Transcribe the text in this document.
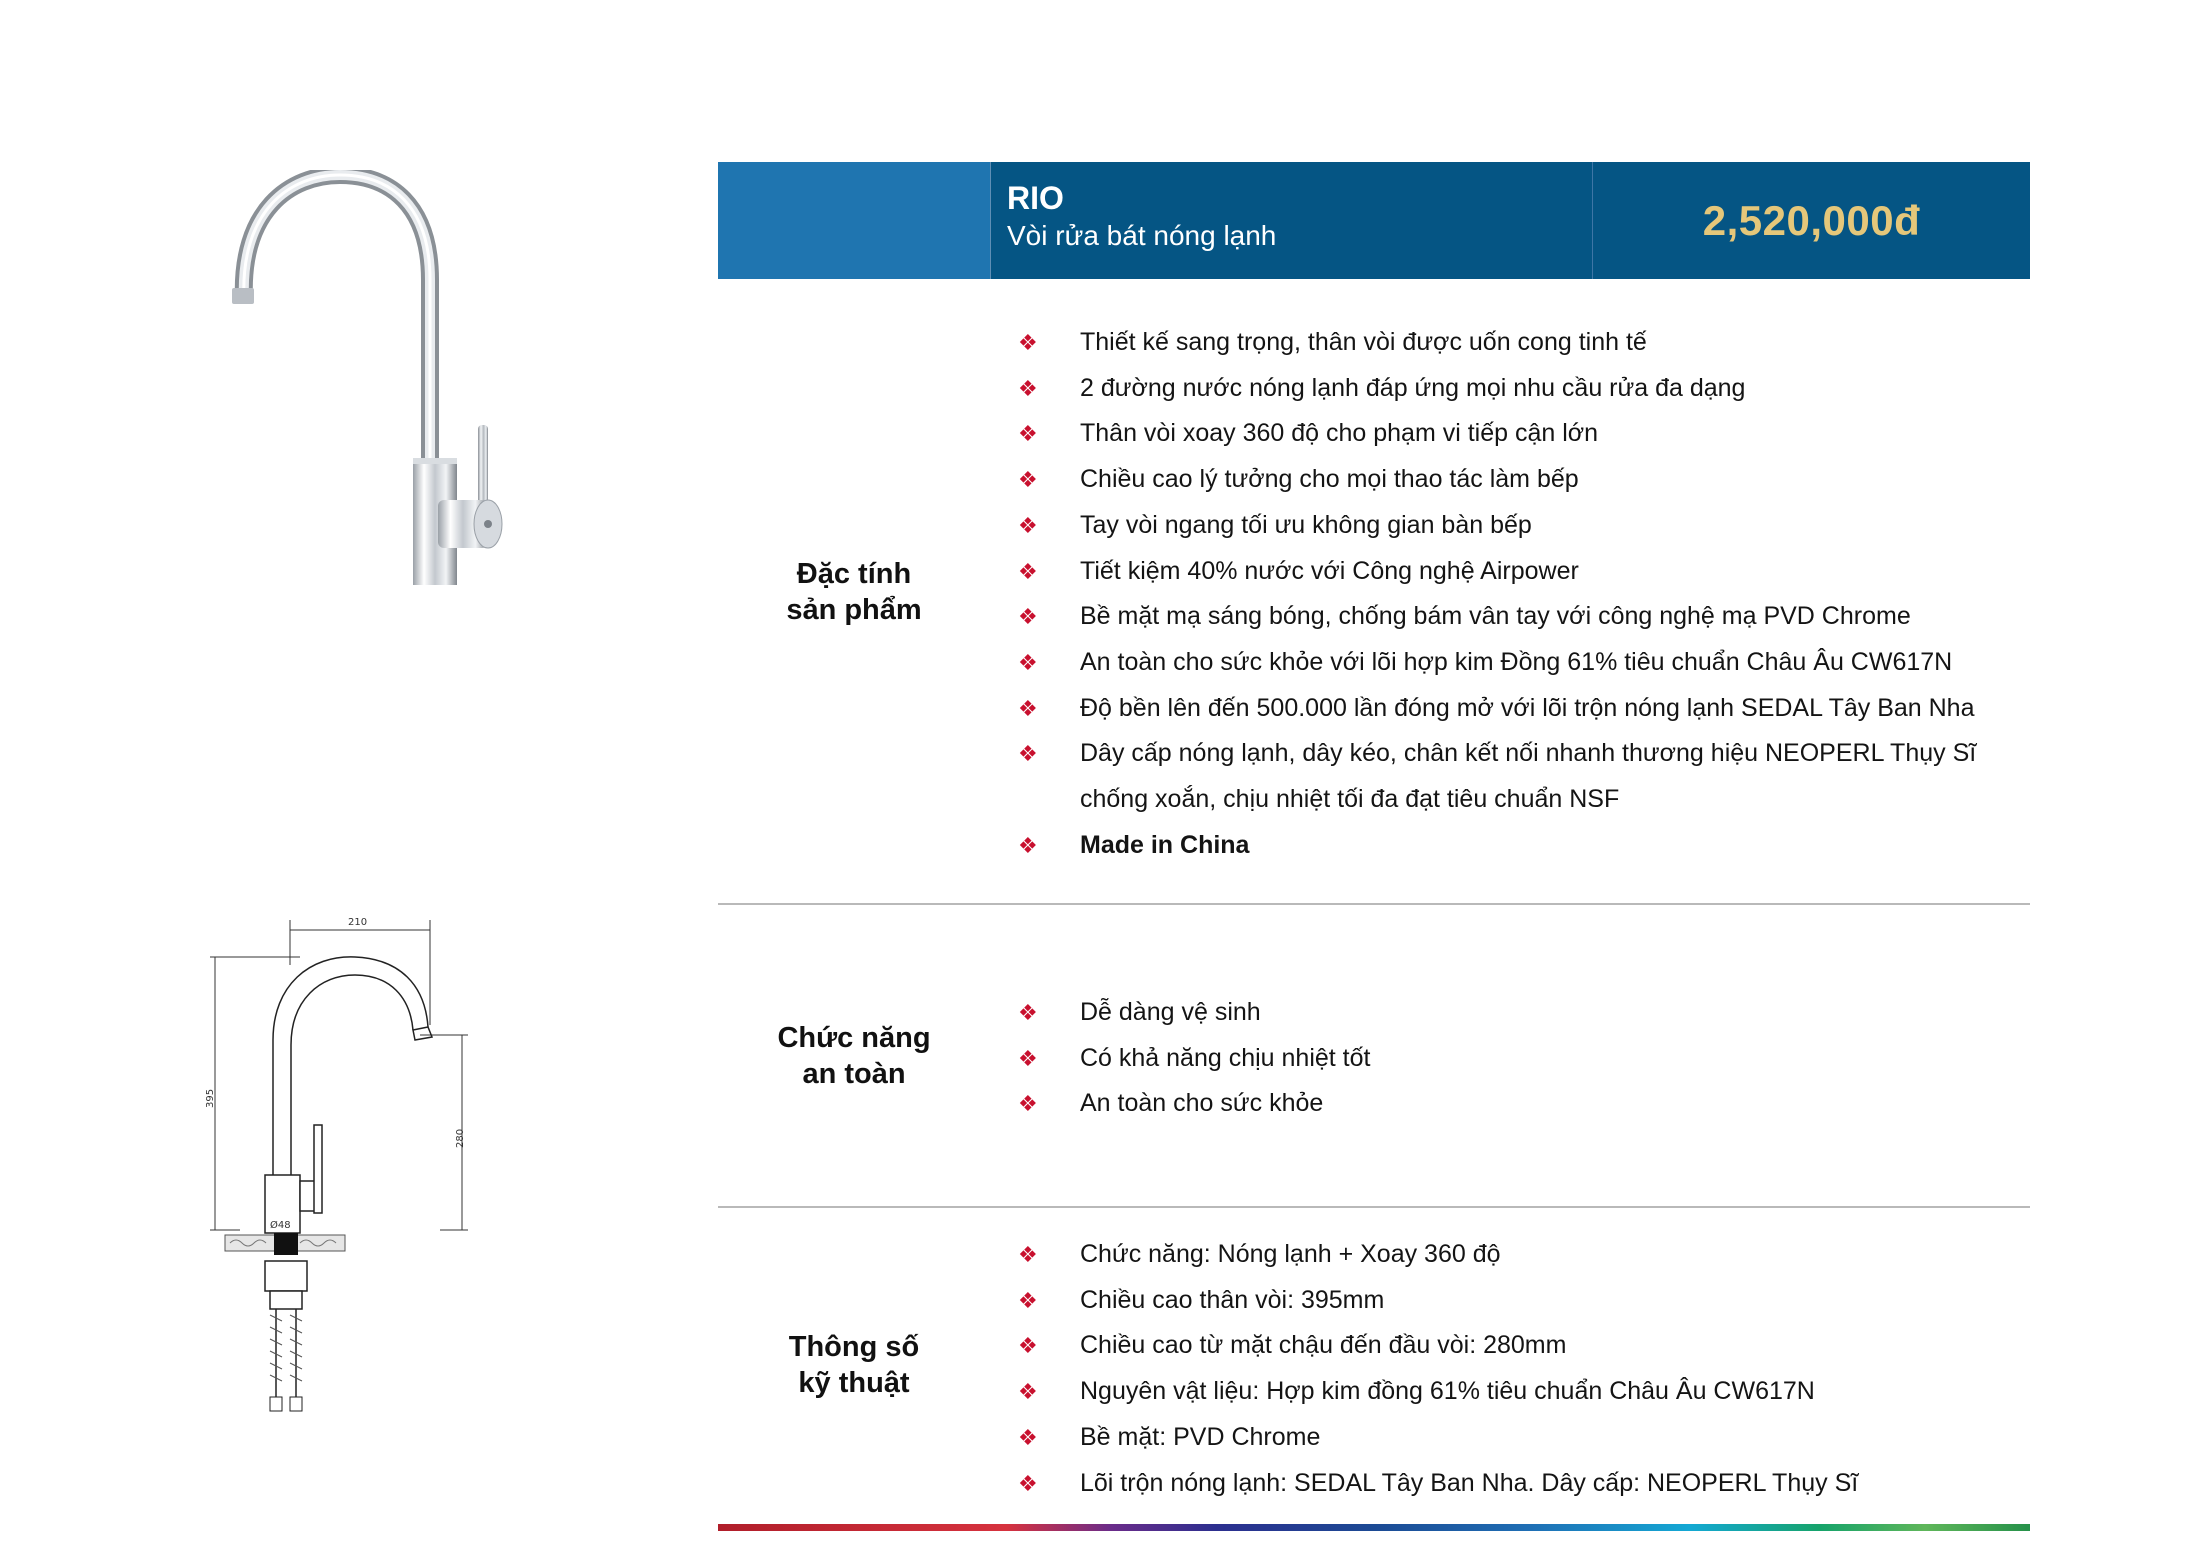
210
395
280
Ø48
RIO
Vòi rửa bát nóng lạnh	2,520,000đ
Đặc tính
sản phẩm
❖	Thiết kế sang trọng, thân vòi được uốn cong tinh tế
❖	2 đường nước nóng lạnh đáp ứng mọi nhu cầu rửa đa dạng
❖	Thân vòi xoay 360 độ cho phạm vi tiếp cận lớn
❖	Chiều cao lý tưởng cho mọi thao tác làm bếp
❖	Tay vòi ngang tối ưu không gian bàn bếp
❖	Tiết kiệm 40% nước với Công nghệ Airpower
❖	Bề mặt mạ sáng bóng, chống bám vân tay với công nghệ mạ PVD Chrome
❖	An toàn cho sức khỏe với lõi hợp kim Đồng 61% tiêu chuẩn Châu Âu CW617N
❖	Độ bền lên đến 500.000 lần đóng mở với lõi trộn nóng lạnh SEDAL Tây Ban Nha
❖	Dây cấp nóng lạnh, dây kéo, chân kết nối nhanh thương hiệu NEOPERL Thụy Sĩ
chống xoắn, chịu nhiệt tối đa đạt tiêu chuẩn NSF
❖	Made in China
Chức năng
an toàn
❖	Dễ dàng vệ sinh
❖	Có khả năng chịu nhiệt tốt
❖	An toàn cho sức khỏe
Thông số
kỹ thuật
❖	Chức năng: Nóng lạnh + Xoay 360 độ
❖	Chiều cao thân vòi: 395mm
❖	Chiều cao từ mặt chậu đến đầu vòi: 280mm
❖	Nguyên vật liệu: Hợp kim đồng 61% tiêu chuẩn Châu Âu CW617N
❖	Bề mặt: PVD Chrome
❖	Lõi trộn nóng lạnh: SEDAL Tây Ban Nha. Dây cấp: NEOPERL Thụy Sĩ
